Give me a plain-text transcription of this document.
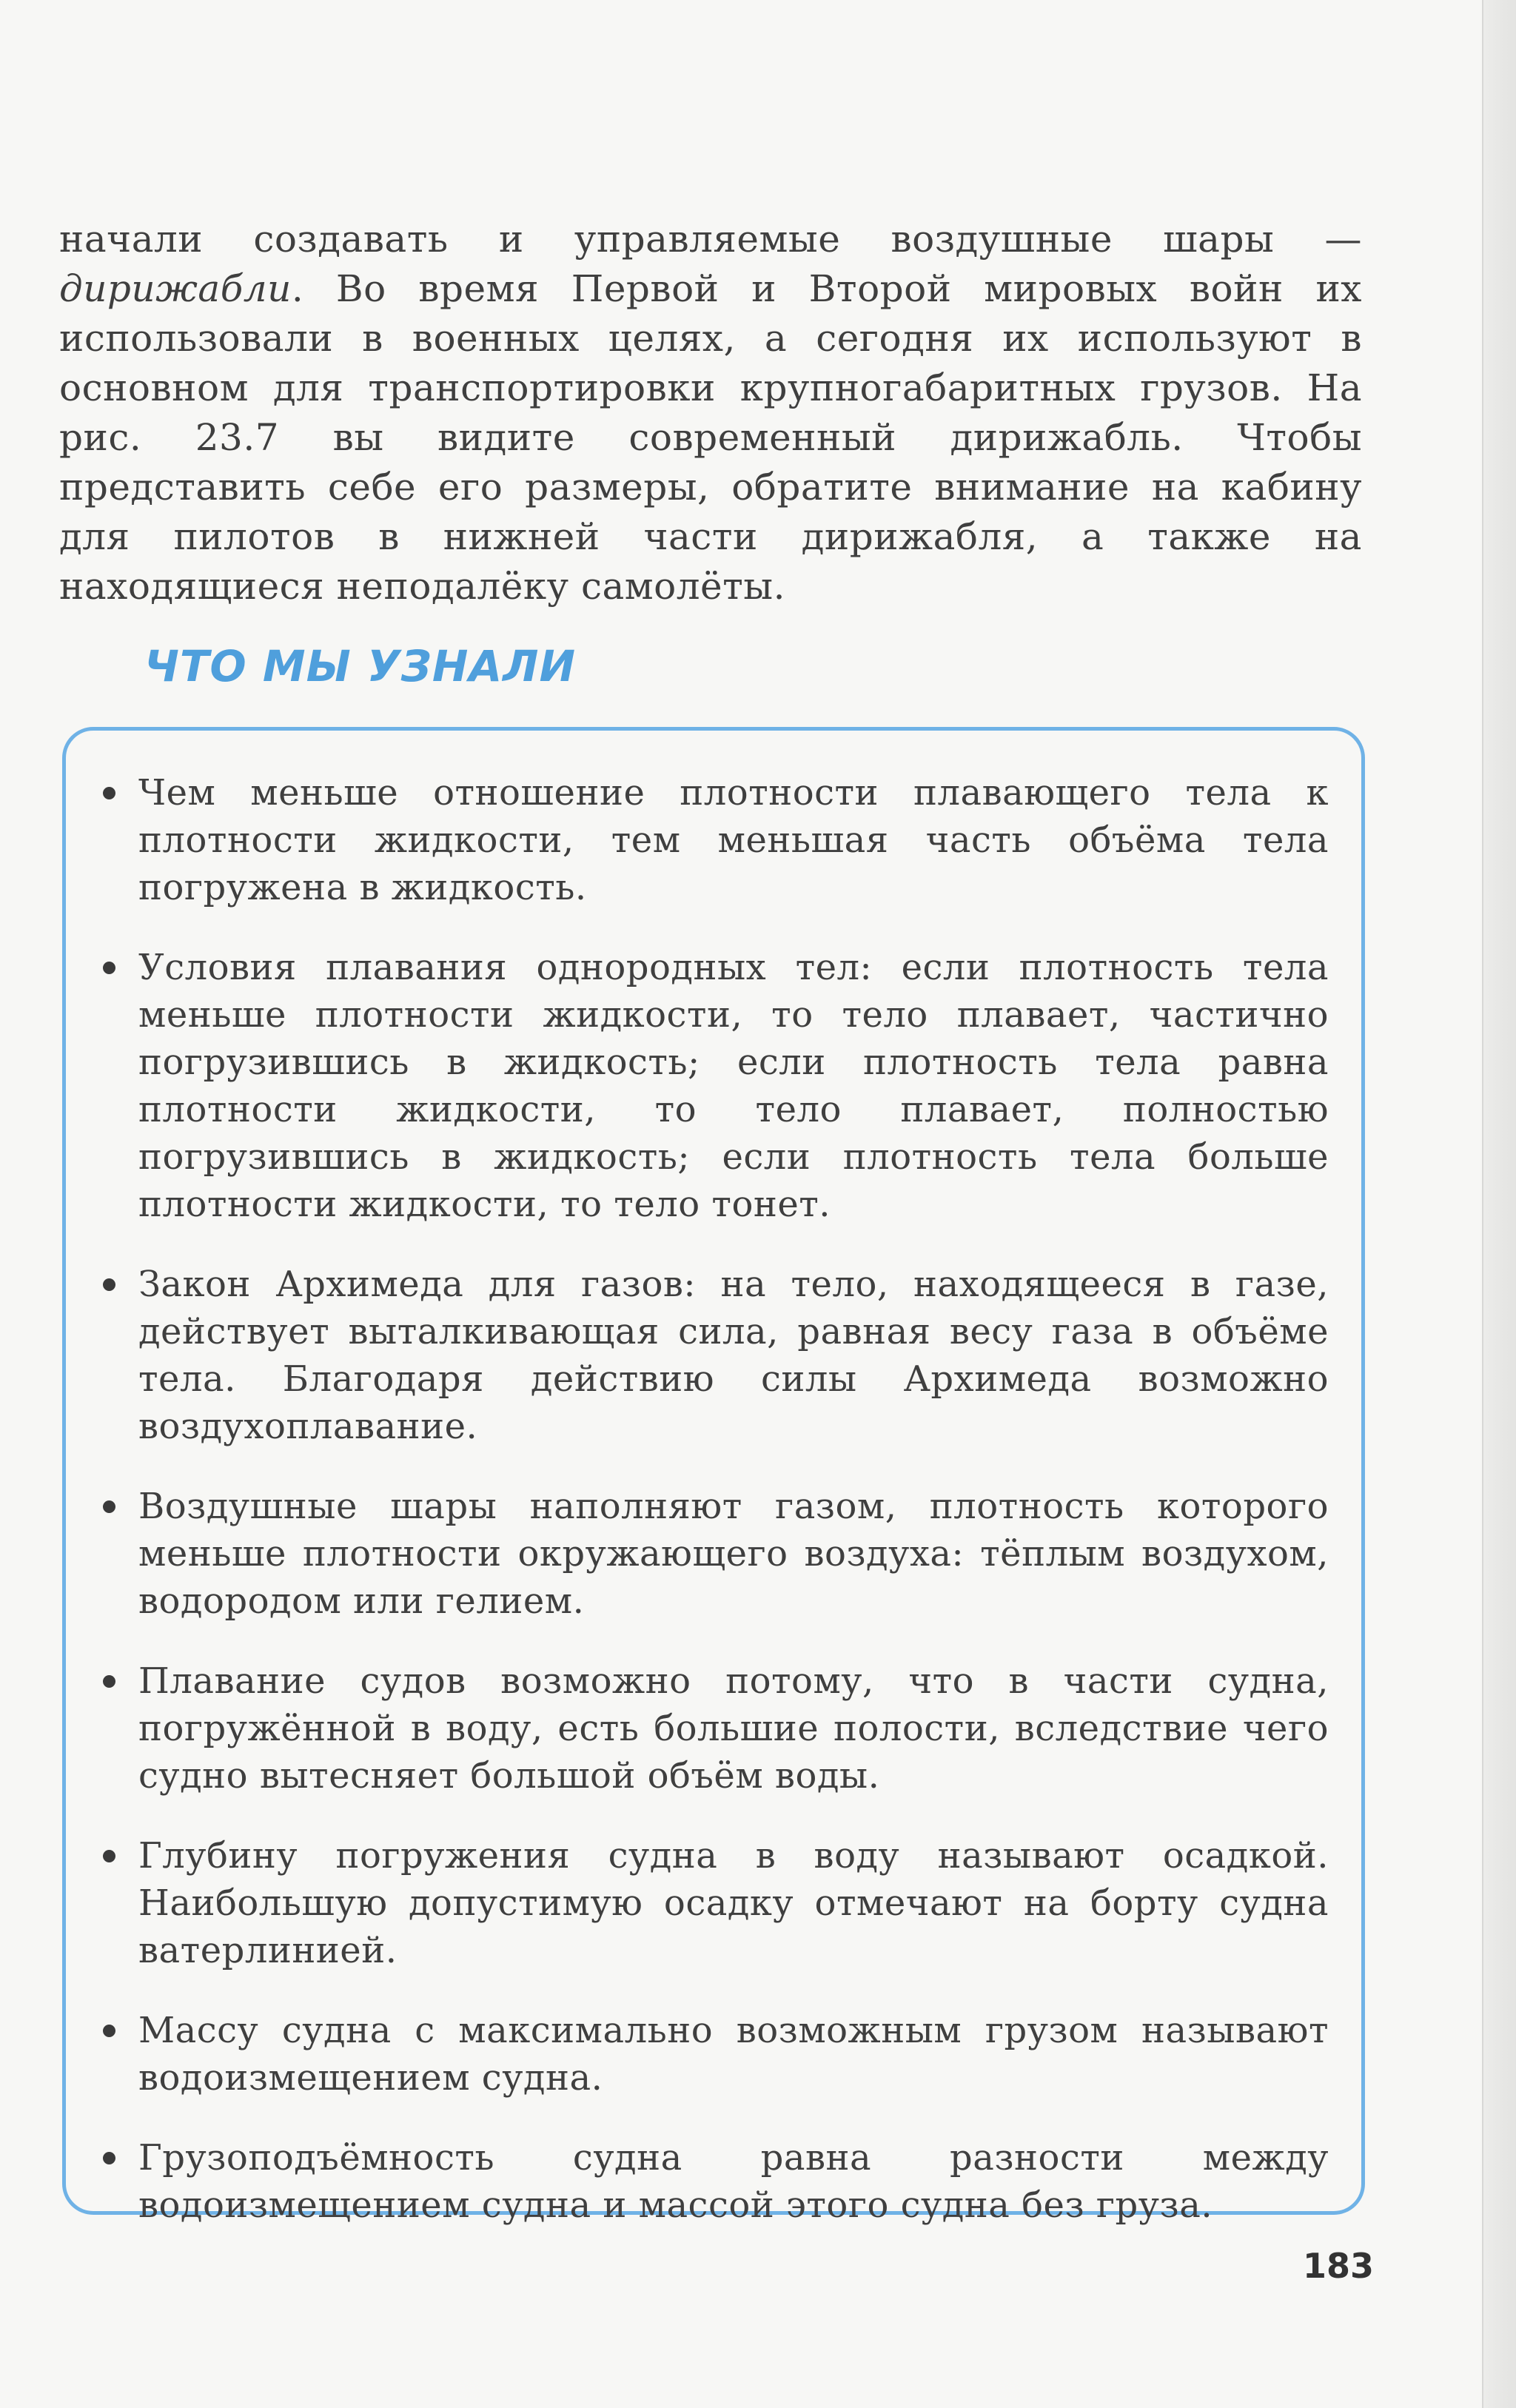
начали создавать и управляемые воздушные шары — дирижабли. Во время Первой и Второй мировых войн их использовали в военных целях, а сегодня их используют в основном для транспортировки крупногабаритных грузов. На рис. 23.7 вы видите современный дирижабль. Чтобы представить себе его размеры, обратите внимание на кабину для пилотов в нижней части дирижабля, а также на находящиеся неподалёку самолёты.

ЧТО МЫ УЗНАЛИ
Чем меньше отношение плотности плавающего тела к плотности жидкости, тем меньшая часть объёма тела погружена в жидкость.
Условия плавания однородных тел: если плотность тела меньше плотности жидкости, то тело плавает, частично погрузившись в жидкость; если плотность тела равна плотности жидкости, то тело плавает, полностью погрузившись в жидкость; если плотность тела больше плотности жидкости, то тело тонет.
Закон Архимеда для газов: на тело, находящееся в газе, действует выталкивающая сила, равная весу газа в объёме тела. Благодаря действию силы Архимеда возможно воздухоплавание.
Воздушные шары наполняют газом, плотность которого меньше плотности окружающего воздуха: тёплым воздухом, водородом или гелием.
Плавание судов возможно потому, что в части судна, погружённой в воду, есть большие полости, вследствие чего судно вытесняет большой объём воды.
Глубину погружения судна в воду называют осадкой. Наибольшую допустимую осадку отмечают на борту судна ватерлинией.
Массу судна с максимально возможным грузом называют водоизмещением судна.
Грузоподъёмность судна равна разности между водоизмещением судна и массой этого судна без груза.
183
